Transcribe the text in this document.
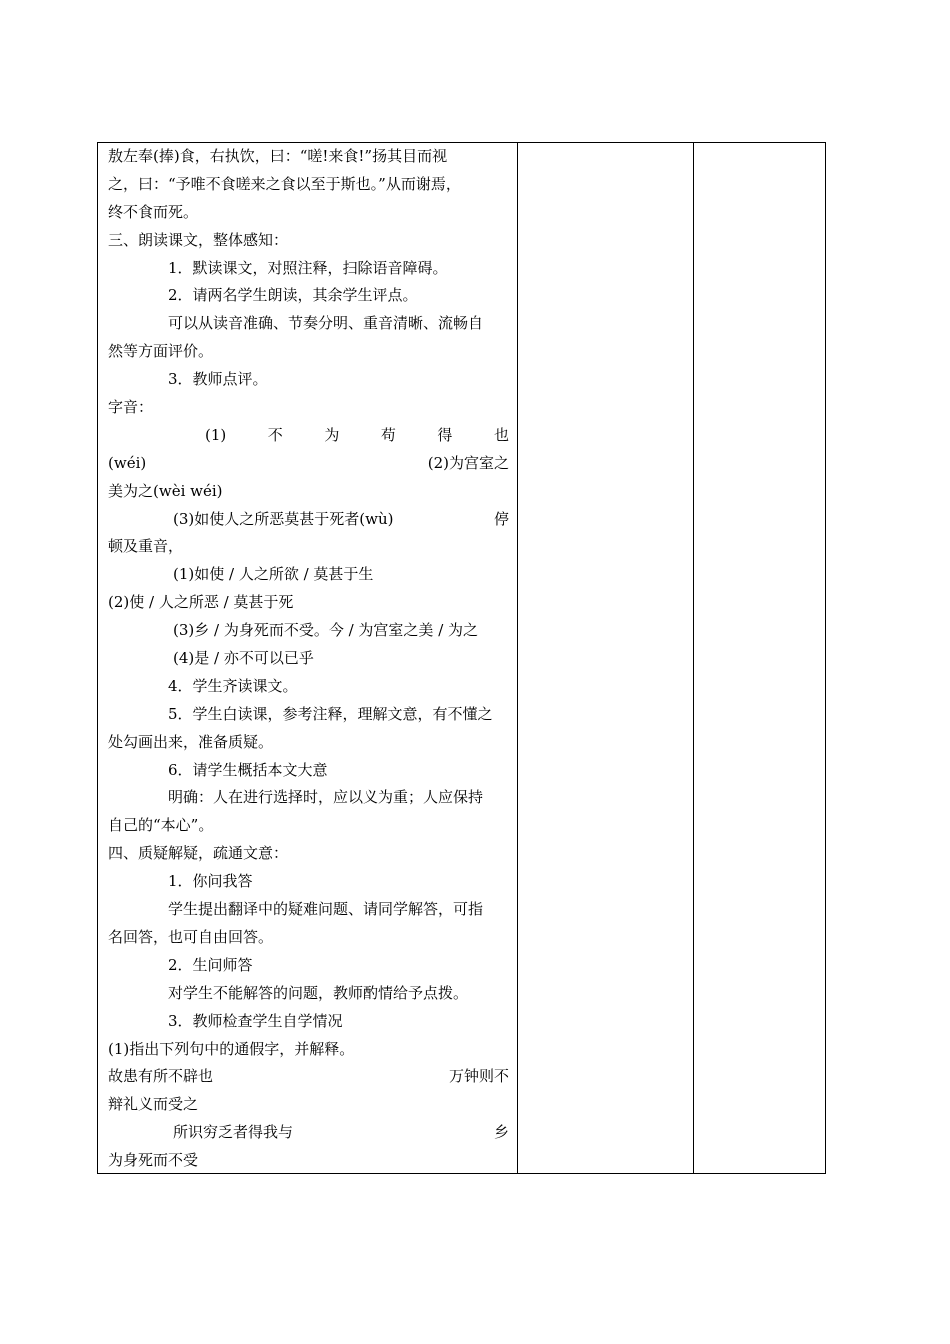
敖左奉(捧)食，右执饮，曰：“嗟!来食!”扬其目而视
之，曰：“予唯不食嗟来之食以至于斯也。”从而谢焉，
终不食而死。
三、朗读课文，整体感知：
1．默读课文，对照注释，扫除语音障碍。
2．请两名学生朗读，其余学生评点。
可以从读音准确、节奏分明、重音清晰、流畅自
然等方面评价。
3．教师点评。
字音：
(1)	不	为	苟	得	也
(wéi)	(2)为宫室之
美为之(wèi wéi)
(3)如使人之所恶莫甚于死者(wù)	停
顿及重音，
(1)如使 / 人之所欲 / 莫甚于生
(2)使 / 人之所恶 / 莫甚于死
(3)乡 / 为身死而不受。今 / 为宫室之美 / 为之
(4)是 / 亦不可以已乎
4．学生齐读课文。
5．学生白读课，参考注释，理解文意，有不懂之
处勾画出来，准备质疑。
6．请学生概括本文大意
明确：人在进行选择时，应以义为重；人应保持
自己的“本心”。
四、质疑解疑，疏通文意：
1．你问我答
学生提出翻译中的疑难问题、请同学解答，可指
名回答，也可自由回答。
2．生问师答
对学生不能解答的问题，教师酌情给予点拨。
3．教师检查学生自学情况
(1)指出下列句中的通假字，并解释。
故患有所不辟也	万钟则不
辩礼义而受之
所识穷乏者得我与	乡
为身死而不受
